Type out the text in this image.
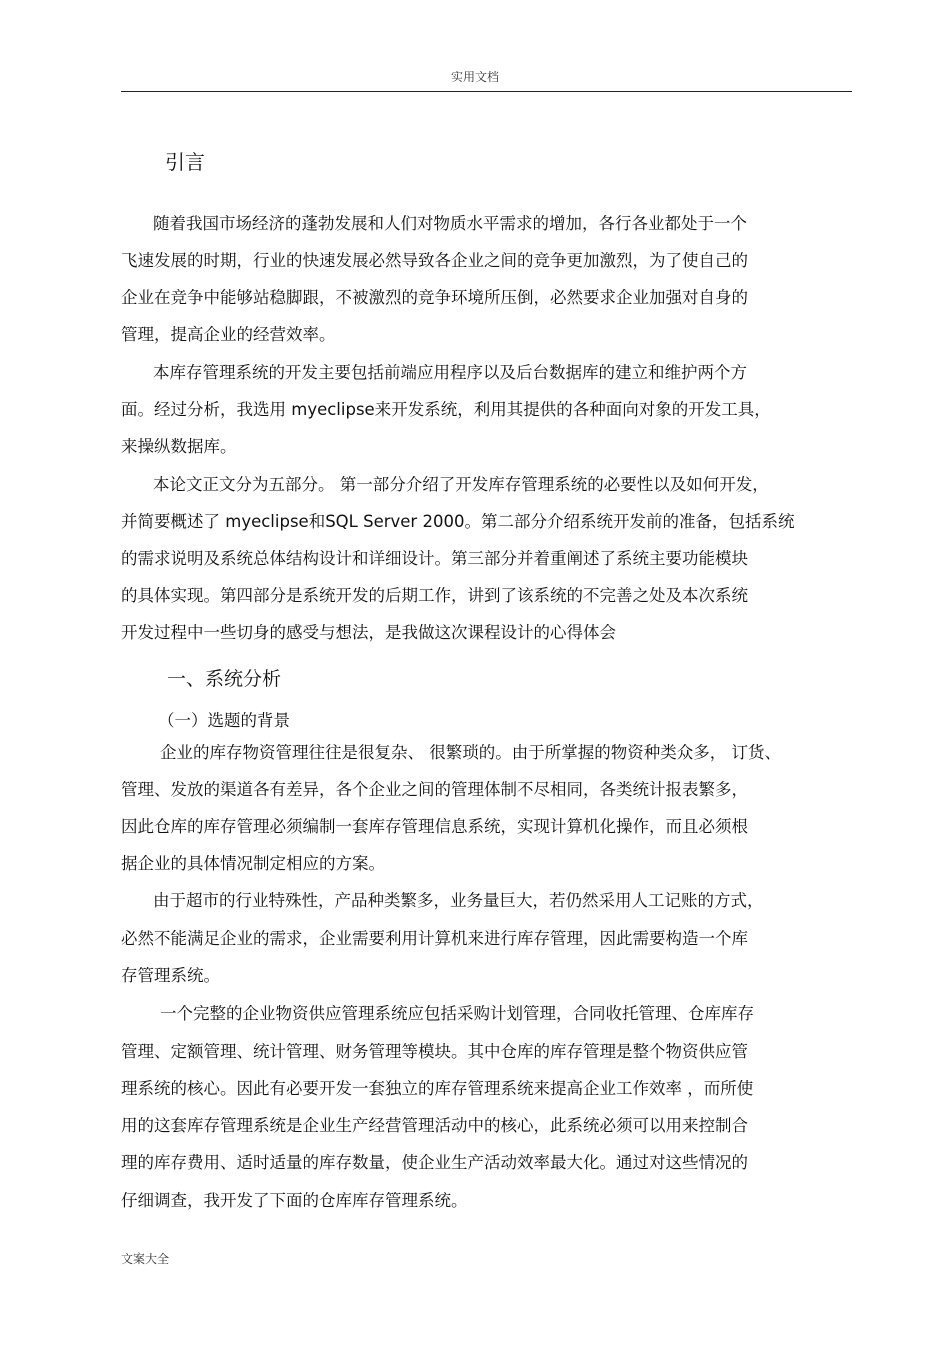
实用文档
引言
随着我国市场经济的蓬勃发展和人们对物质水平需求的增加，各行各业都处于一个
飞速发展的时期，行业的快速发展必然导致各企业之间的竞争更加激烈，为了使自己的
企业在竞争中能够站稳脚跟，不被激烈的竞争环境所压倒，必然要求企业加强对自身的
管理，提高企业的经营效率。
本库存管理系统的开发主要包括前端应用程序以及后台数据库的建立和维护两个方
面。经过分析，我选用 myeclipse来开发系统，利用其提供的各种面向对象的开发工具，
来操纵数据库。
本论文正文分为五部分。 第一部分介绍了开发库存管理系统的必要性以及如何开发，
并简要概述了 myeclipse和SQL Server 2000。第二部分介绍系统开发前的准备，包括系统
的需求说明及系统总体结构设计和详细设计。第三部分并着重阐述了系统主要功能模块
的具体实现。第四部分是系统开发的后期工作，讲到了该系统的不完善之处及本次系统
开发过程中一些切身的感受与想法，是我做这次课程设计的心得体会
一、系统分析
（一）选题的背景
企业的库存物资管理往往是很复杂、 很繁琐的。由于所掌握的物资种类众多， 订货、
管理、发放的渠道各有差异，各个企业之间的管理体制不尽相同，各类统计报表繁多，
因此仓库的库存管理必须编制一套库存管理信息系统，实现计算机化操作，而且必须根
据企业的具体情况制定相应的方案。
由于超市的行业特殊性，产品种类繁多，业务量巨大，若仍然采用人工记账的方式，
必然不能满足企业的需求，企业需要利用计算机来进行库存管理，因此需要构造一个库
存管理系统。
一个完整的企业物资供应管理系统应包括采购计划管理，合同收托管理、仓库库存
管理、定额管理、统计管理、财务管理等模块。其中仓库的库存管理是整个物资供应管
理系统的核心。因此有必要开发一套独立的库存管理系统来提高企业工作效率 ，而所使
用的这套库存管理系统是企业生产经营管理活动中的核心，此系统必须可以用来控制合
理的库存费用、适时适量的库存数量，使企业生产活动效率最大化。通过对这些情况的
仔细调查，我开发了下面的仓库库存管理系统。
文案大全
